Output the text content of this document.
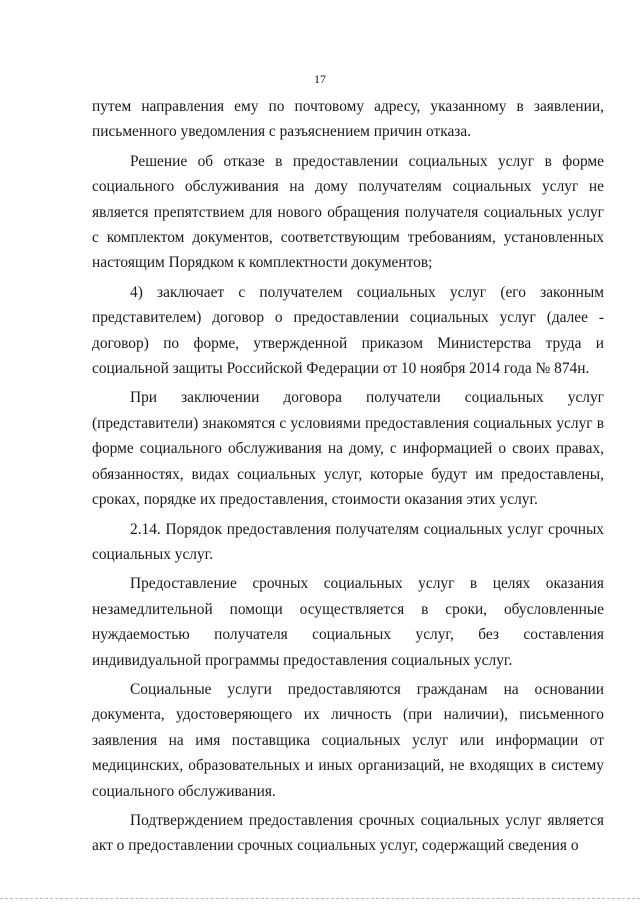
17

путем направления ему по почтовому адресу, указанному в заявлении, письменного уведомления с разъяснением причин отказа.

Решение об отказе в предоставлении социальных услуг в форме социального обслуживания на дому получателям социальных услуг не является препятствием для нового обращения получателя социальных услуг с комплектом документов, соответствующим требованиям, установленных настоящим Порядком к комплектности документов;

4) заключает с получателем социальных услуг (его законным представителем) договор о предоставлении социальных услуг (далее - договор) по форме, утвержденной приказом Министерства труда и социальной защиты Российской Федерации от 10 ноября 2014 года № 874н.

При заключении договора получатели социальных услуг (представители) знакомятся с условиями предоставления социальных услуг в форме социального обслуживания на дому, с информацией о своих правах, обязанностях, видах социальных услуг, которые будут им предоставлены, сроках, порядке их предоставления, стоимости оказания этих услуг.

2.14. Порядок предоставления получателям социальных услуг срочных социальных услуг.

Предоставление срочных социальных услуг в целях оказания незамедлительной помощи осуществляется в сроки, обусловленные нуждаемостью получателя социальных услуг, без составления индивидуальной программы предоставления социальных услуг.

Социальные услуги предоставляются гражданам на основании документа, удостоверяющего их личность (при наличии), письменного заявления на имя поставщика социальных услуг или информации от медицинских, образовательных и иных организаций, не входящих в систему социального обслуживания.

Подтверждением предоставления срочных социальных услуг является акт о предоставлении срочных социальных услуг, содержащий сведения о
